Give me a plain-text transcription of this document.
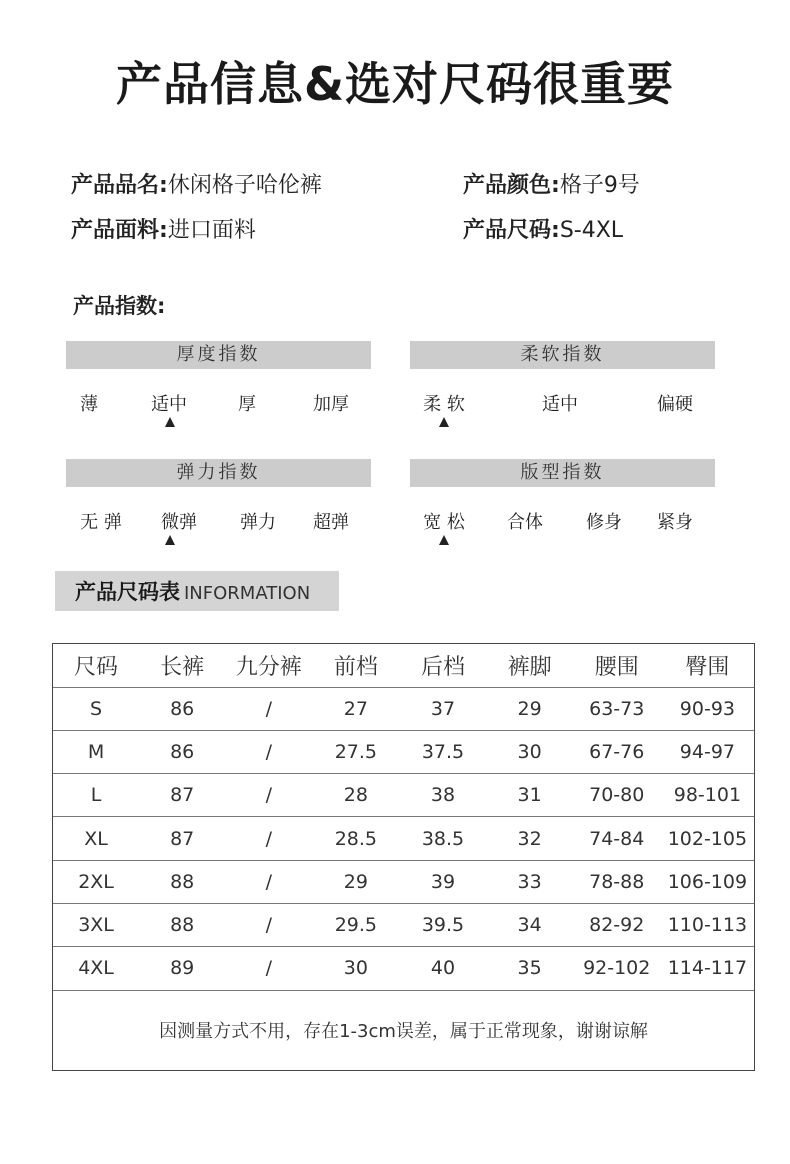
产品信息&选对尺码很重要
产品品名:休闲格子哈伦裤	产品颜色:格子9号
产品面料:进口面料	产品尺码:S-4XL
产品指数:
厚度指数
薄	适中	厚	加厚
柔软指数
柔 软	适中	偏硬
弹力指数
无 弹 微弹 弹力 超弹
版型指数
宽 松 合体 修身 紧身
产品尺码表 INFORMATION
尺码	长裤	九分裤	前档	后档	裤脚	腰围	臀围
S	86	/	27	37	29	63-73	90-93
M	86	/	27.5	37.5	30	67-76	94-97
L	87	/	28	38	31	70-80	98-101
XL	87	/	28.5	38.5	32	74-84	102-105
2XL	88	/	29	39	33	78-88	106-109
3XL	88	/	29.5	39.5	34	82-92	110-113
4XL	89	/	30	40	35	92-102	114-117
因测量方式不用，存在1-3cm误差，属于正常现象，谢谢谅解
